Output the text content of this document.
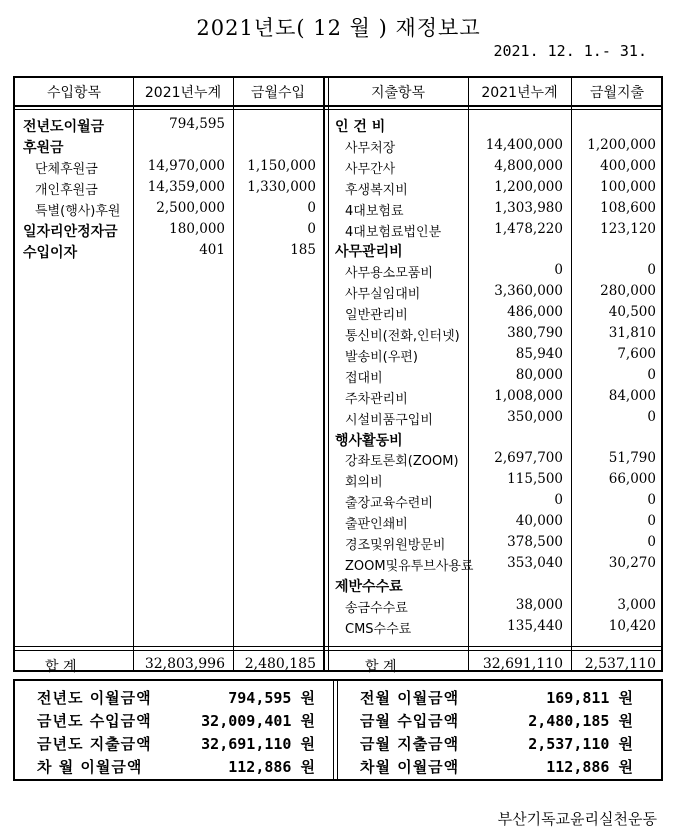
2021년도( 12 월 ) 재정보고
2021. 12. 1.- 31.
수입항목	2021년누계	금월수입	지출항목	2021년누계	금월지출
전년도이월금	794,595
후원금
단체후원금	14,970,000	1,150,000
개인후원금	14,359,000	1,330,000
특별(행사)후원	2,500,000	0
일자리안정자금	180,000	0
수입이자	401	185
인 건 비
사무처장	14,400,000	1,200,000
사무간사	4,800,000	400,000
후생복지비	1,200,000	100,000
4대보험료	1,303,980	108,600
4대보험료법인분	1,478,220	123,120
사무관리비
사무용소모품비	0	0
사무실임대비	3,360,000	280,000
일반관리비	486,000	40,500
통신비(전화,인터넷)	380,790	31,810
발송비(우편)	85,940	7,600
접대비	80,000	0
주차관리비	1,008,000	84,000
시설비품구입비	350,000	0
행사활동비
강좌토론회(ZOOM)	2,697,700	51,790
회의비	115,500	66,000
출장교육수련비	0	0
출판인쇄비	40,000	0
경조및위원방문비	378,500	0
ZOOM및유투브사용료	353,040	30,270
제반수수료
송금수수료	38,000	3,000
CMS수수료	135,440	10,420
합 계	32,803,996	2,480,185	합 계	32,691,110	2,537,110
전년도 이월금액	794,595 원
금년도 수입금액	32,009,401 원
금년도 지출금액	32,691,110 원
차 월 이월금액	112,886 원
전월 이월금액	169,811 원
금월 수입금액	2,480,185 원
금월 지출금액	2,537,110 원
차월 이월금액	112,886 원
부산기독교윤리실천운동
